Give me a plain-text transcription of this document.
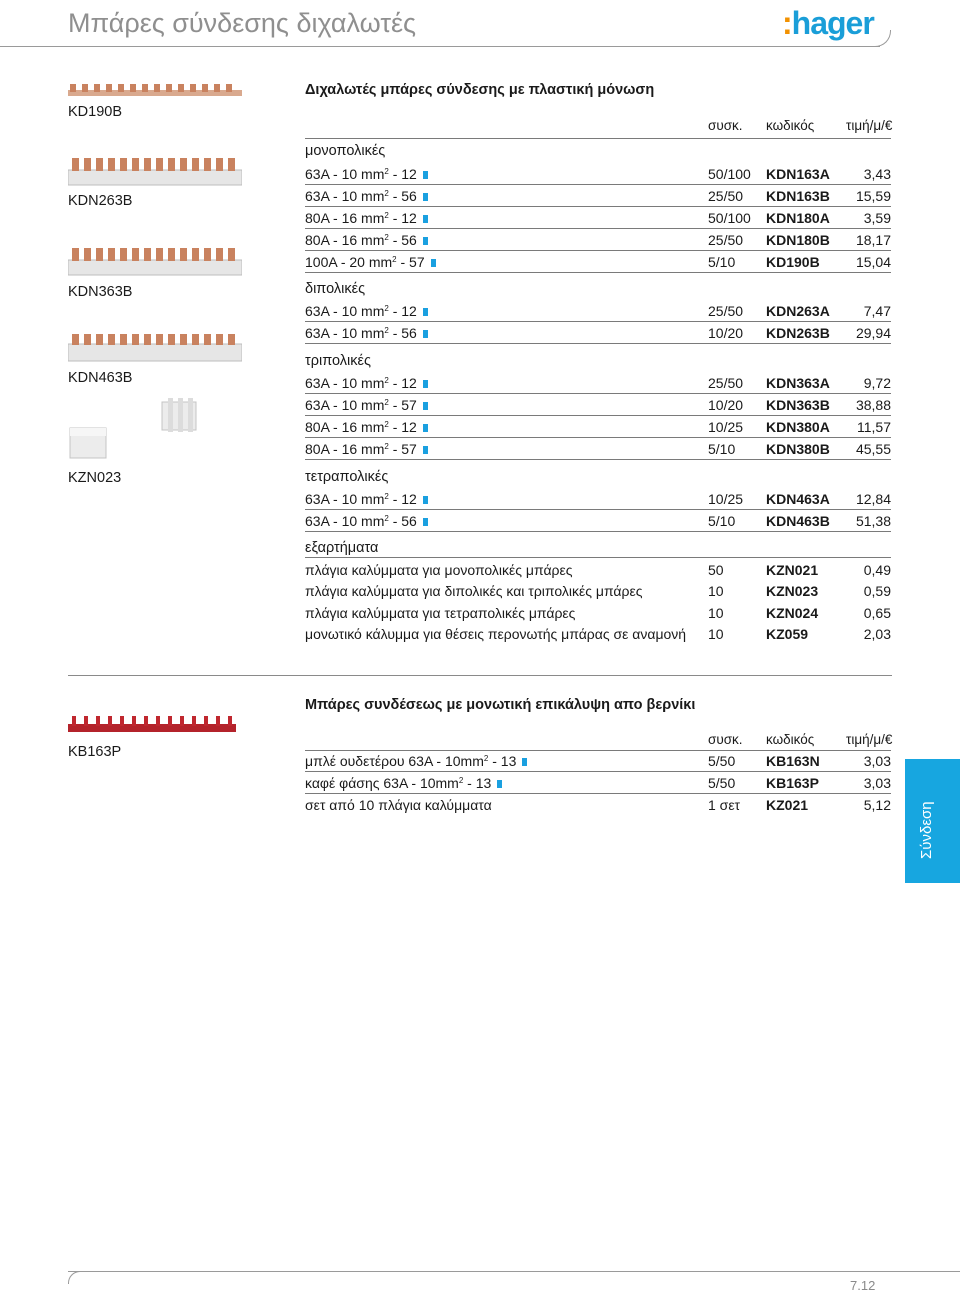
Μπάρες σύνδεσης διχαλωτές	:hager
KD190B
KDN263B
KDN363B
KDN463B
KZN023
KB163P
Διχαλωτές μπάρες σύνδεσης με πλαστική μόνωση
συσκ. κωδικός τιμή/μ/€
μονοπολικές
63A - 10 $mm^2 - 12$	50/100 KDN163A 3,43
63A - 10 $mm^2 - 56$	25/50 KDN163B 15,59
80A - 16 $mm^2 - 12$	50/100 KDN180A 3,59
80A - 16 $mm^2 - 56$	25/50 KDN180B 18,17
100A - 20 $mm^2 - 57$	5/10 KD190B	15,04
διπολικές
63A - 10 $mm^2 - 12$	25/50 KDN263A 7,47
63A - 10 $mm^2 - 56$	10/20 KDN263B 29,94
τριπολικές
63A - 10 $mm^2 - 12$	25/50 KDN363A 9,72
63A - 10 $mm^2 - 57$	10/20 KDN363B 38,88
80A - 16 $mm^2 - 12$	10/25 KDN380A 11,57
80A - 16 $mm^2 - 57$	5/10 KDN380B 45,55
τετραπολικές
63A - 10 $mm^2 - 12$	10/25 KDN463A 12,84
63A - 10 $mm^2 - 56$	5/10 KDN463B 51,38
εξαρτήματα
πλάγια καλύμματα για μονοπολικές μπάρες	50	KZN021	0,49
πλάγια καλύμματα για διπολικές και τριπολικές μπάρες	10	KZN023	0,59
πλάγια καλύμματα για τετραπολικές μπάρες	10	KZN024	0,65
μονωτικό κάλυμμα για θέσεις περονωτής μπάρας σε αναμονή 10	KZ059	2,03
Μπάρες συνδέσεως με μονωτική επικάλυψη απο βερνίκι
συσκ. κωδικός τιμή/μ/€
μπλέ ουδετέρου $63A - 10mm^2 - 13$	5/50 KB163N	3,03
καφέ φάσης $63A - 10mm^2 - 13$	5/50 KB163P	3,03
σετ από 10 πλάγια καλύμματα	1 σετ KZ021	5,12 Σύνδεση
7.12
